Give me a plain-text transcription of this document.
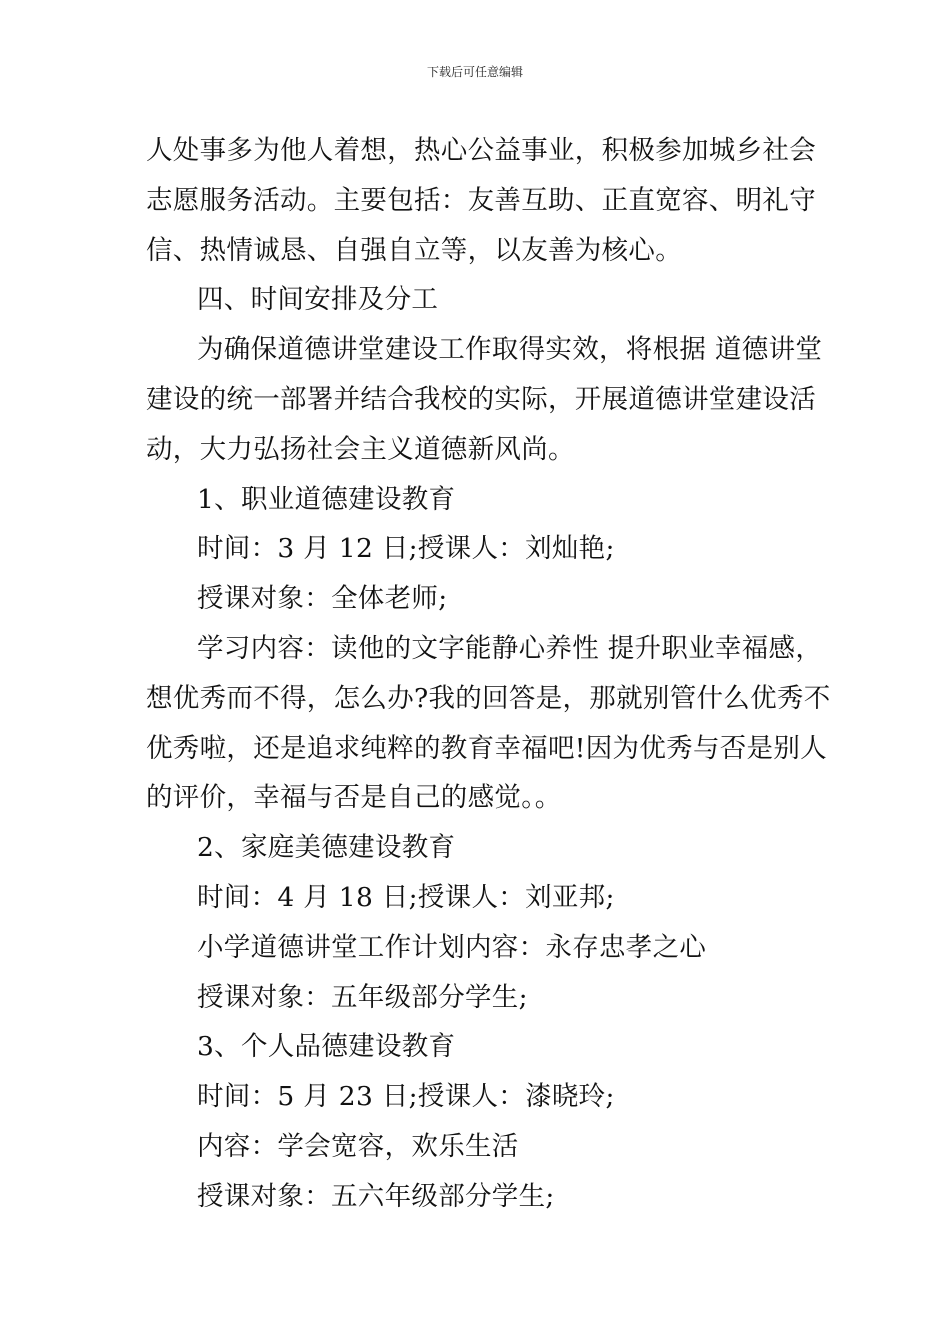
下载后可任意编辑
人处事多为他人着想，热心公益事业，积极参加城乡社会
志愿服务活动。主要包括：友善互助、正直宽容、明礼守
信、热情诚恳、自强自立等，以友善为核心。
四、时间安排及分工
为确保道德讲堂建设工作取得实效，将根据 道德讲堂
建设的统一部署并结合我校的实际，开展道德讲堂建设活
动，大力弘扬社会主义道德新风尚。
1、职业道德建设教育
时间：3 月 12 日;授课人：刘灿艳;
授课对象：全体老师;
学习内容：读他的文字能静心养性 提升职业幸福感，
想优秀而不得，怎么办?我的回答是，那就别管什么优秀不
优秀啦，还是追求纯粹的教育幸福吧!因为优秀与否是别人
的评价，幸福与否是自己的感觉。。
2、家庭美德建设教育
时间：4 月 18 日;授课人：刘亚邦;
小学道德讲堂工作计划内容：永存忠孝之心
授课对象：五年级部分学生;
3、个人品德建设教育
时间：5 月 23 日;授课人：漆晓玲;
内容：学会宽容，欢乐生活
授课对象：五六年级部分学生;
